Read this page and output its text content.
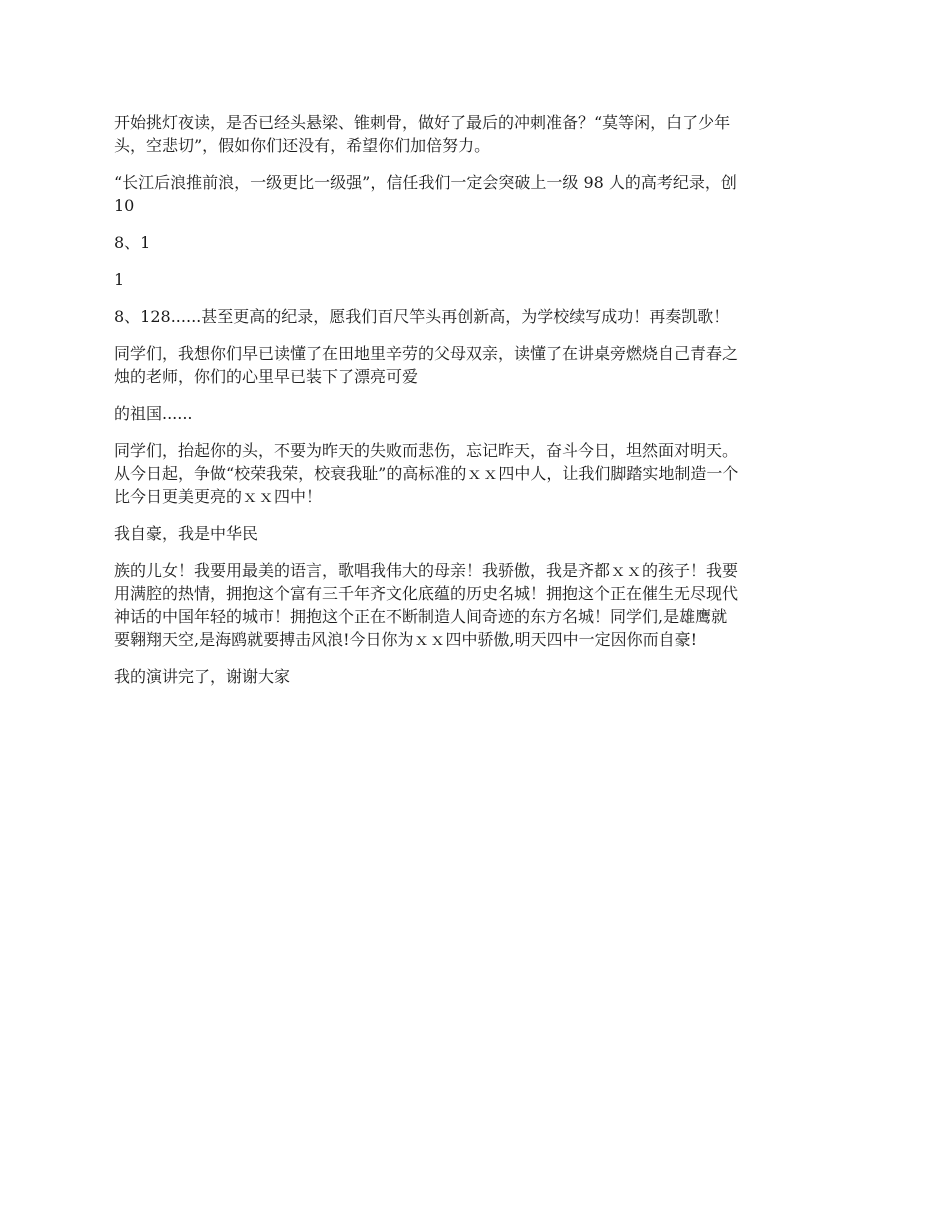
开始挑灯夜读，是否已经头悬梁、锥刺骨，做好了最后的冲刺准备？“莫等闲，白了少年
头，空悲切”，假如你们还没有，希望你们加倍努力。

“长江后浪推前浪，一级更比一级强”，信任我们一定会突破上一级 98 人的高考纪录，创
10

8、1

1

8、128......甚至更高的纪录，愿我们百尺竿头再创新高，为学校续写成功！再奏凯歌！

同学们，我想你们早已读懂了在田地里辛劳的父母双亲，读懂了在讲桌旁燃烧自己青春之
烛的老师，你们的心里早已装下了漂亮可爱

的祖国......

同学们，抬起你的头，不要为昨天的失败而悲伤，忘记昨天，奋斗今日，坦然面对明天。
从今日起，争做“校荣我荣，校衰我耻”的高标准的ｘｘ四中人，让我们脚踏实地制造一个
比今日更美更亮的ｘｘ四中！

我自豪，我是中华民

族的儿女！我要用最美的语言，歌唱我伟大的母亲！我骄傲，我是齐都ｘｘ的孩子！我要
用满腔的热情，拥抱这个富有三千年齐文化底蕴的历史名城！拥抱这个正在催生无尽现代
神话的中国年轻的城市！拥抱这个正在不断制造人间奇迹的东方名城！同学们,是雄鹰就
要翱翔天空,是海鸥就要搏击风浪!今日你为ｘｘ四中骄傲,明天四中一定因你而自豪!

我的演讲完了，谢谢大家
